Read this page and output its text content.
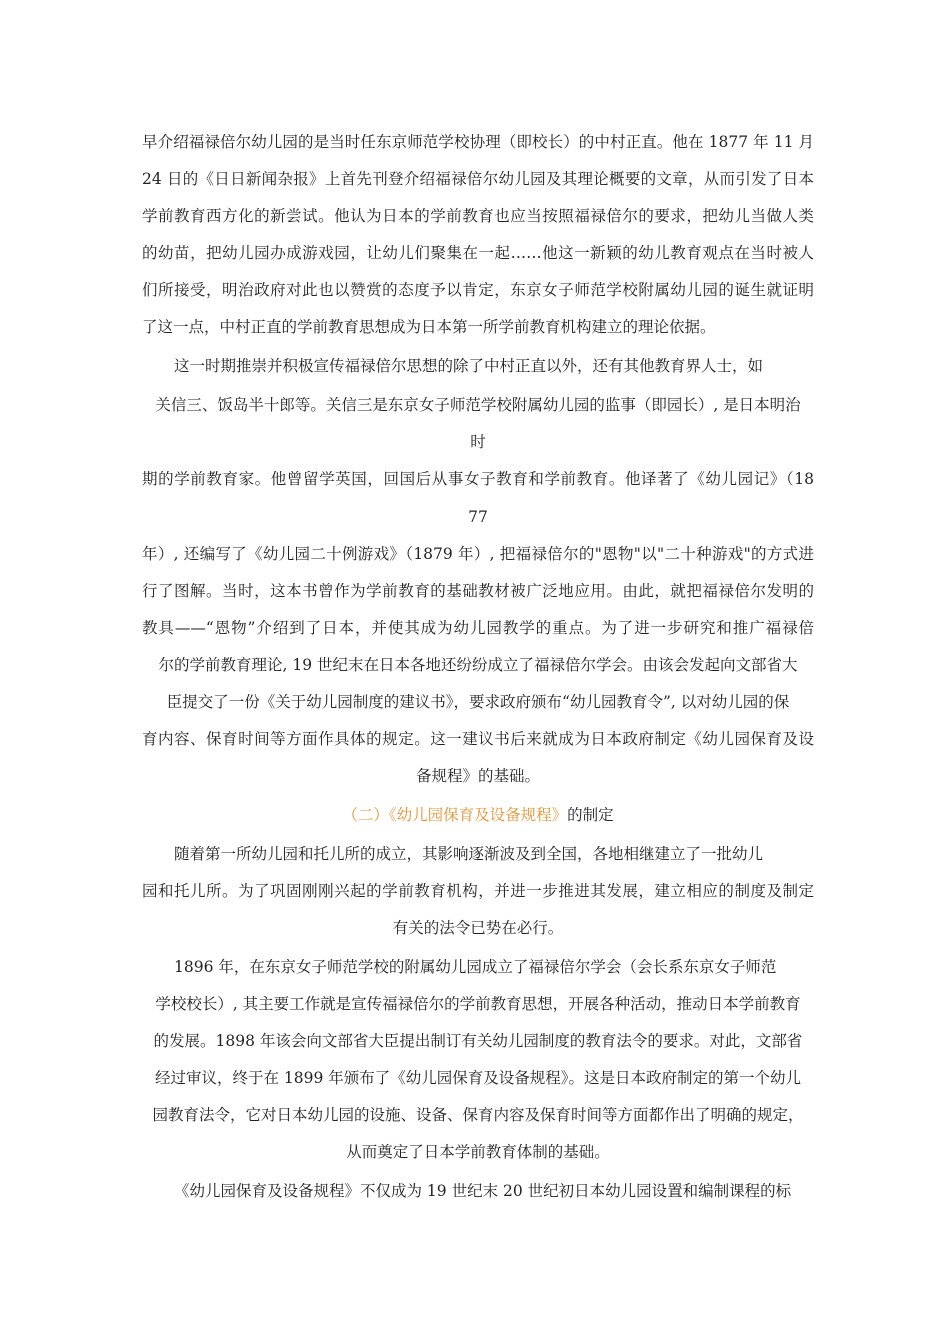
早介绍福禄倍尔幼儿园的是当时任东京师范学校协理（即校长）的中村正直。他在 1877 年 11 月
24 日的《日日新闻杂报》上首先刊登介绍福禄倍尔幼儿园及其理论概要的文章，从而引发了日本
学前教育西方化的新尝试。他认为日本的学前教育也应当按照福禄倍尔的要求，把幼儿当做人类
的幼苗，把幼儿园办成游戏园，让幼儿们聚集在一起……他这一新颖的幼儿教育观点在当时被人
们所接受，明治政府对此也以赞赏的态度予以肯定，东京女子师范学校附属幼儿园的诞生就证明
了这一点，中村正直的学前教育思想成为日本第一所学前教育机构建立的理论依据。
这一时期推崇并积极宣传福禄倍尔思想的除了中村正直以外，还有其他教育界人士，如
关信三、饭岛半十郎等。关信三是东京女子师范学校附属幼儿园的监事（即园长）, 是日本明治
时
期的学前教育家。他曾留学英国，回国后从事女子教育和学前教育。他译著了《幼儿园记》（18
77
年）, 还编写了《幼儿园二十例游戏》（1879 年）, 把福禄倍尔的"恩物"以"二十种游戏"的方式进
行了图解。当时，这本书曾作为学前教育的基础教材被广泛地应用。由此，就把福禄倍尔发明的
教具——“恩物”介绍到了日本，并使其成为幼儿园教学的重点。为了进一步研究和推广福禄倍
尔的学前教育理论, 19 世纪末在日本各地还纷纷成立了福禄倍尔学会。由该会发起向文部省大
臣提交了一份《关于幼儿园制度的建议书》，要求政府颁布“幼儿园教育令”, 以对幼儿园的保
育内容、保育时间等方面作具体的规定。这一建议书后来就成为日本政府制定《幼儿园保育及设
备规程》的基础。
（二）《幼儿园保育及设备规程》的制定
随着第一所幼儿园和托儿所的成立，其影响逐渐波及到全国，各地相继建立了一批幼儿
园和托儿所。为了巩固刚刚兴起的学前教育机构，并进一步推进其发展，建立相应的制度及制定
有关的法令已势在必行。
1896 年，在东京女子师范学校的附属幼儿园成立了福禄倍尔学会（会长系东京女子师范
学校校长）, 其主要工作就是宣传福禄倍尔的学前教育思想，开展各种活动，推动日本学前教育
的发展。1898 年该会向文部省大臣提出制订有关幼儿园制度的教育法令的要求。对此，文部省
经过审议，终于在 1899 年颁布了《幼儿园保育及设备规程》。这是日本政府制定的第一个幼儿
园教育法令，它对日本幼儿园的设施、设备、保育内容及保育时间等方面都作出了明确的规定，
从而奠定了日本学前教育体制的基础。
《幼儿园保育及设备规程》不仅成为 19 世纪末 20 世纪初日本幼儿园设置和编制课程的标
